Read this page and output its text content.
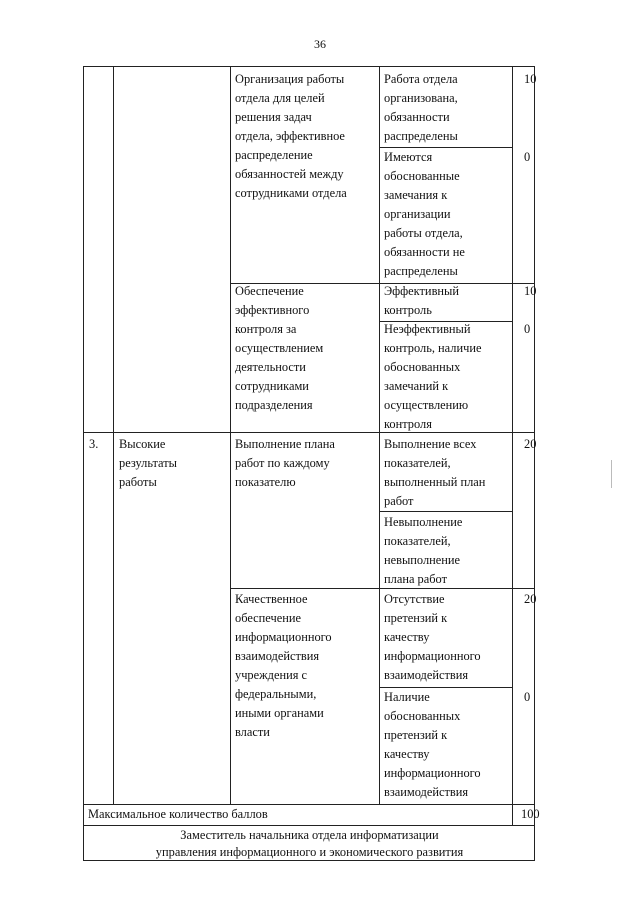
36
Организация работы
отдела для целей
решения задач
отдела, эффективное
распределение
обязанностей между
сотрудниками отдела
Работа отдела
организована,
обязанности
распределены
10
Имеются
обоснованные
замечания к
организации
работы отдела,
обязанности не
распределены
0
Обеспечение
эффективного
контроля за
осуществлением
деятельности
сотрудниками
подразделения
Эффективный
контроль
10
Неэффективный
контроль, наличие
обоснованных
замечаний к
осуществлению
контроля
0
3. Высокие
результаты
работы
Выполнение плана
работ по каждому
показателю
Выполнение всех
показателей,
выполненный план
работ
20
Невыполнение
показателей,
невыполнение
плана работ
Качественное
обеспечение
информационного
взаимодействия
учреждения с
федеральными,
иными органами
власти
Отсутствие
претензий к
качеству
информационного
взаимодействия
20
Наличие
обоснованных
претензий к
качеству
информационного
взаимодействия
0
Максимальное количество баллов	100
Заместитель начальника отдела информатизации
управления информационного и экономического развития
